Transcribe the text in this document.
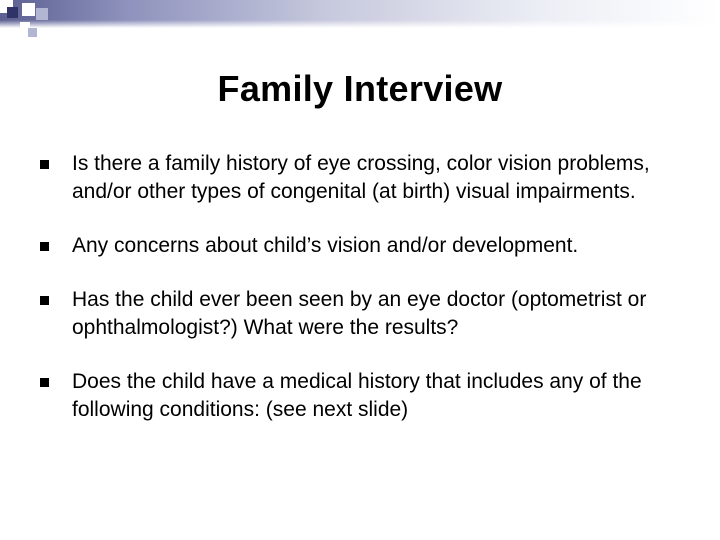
Family Interview
Is there a family history of eye crossing, color vision problems, and/or other types of congenital (at birth) visual impairments.
Any concerns about child’s vision and/or development.
Has the child ever been seen by an eye doctor (optometrist or ophthalmologist?) What were the results?
Does the child have a medical history that includes any of the following conditions: (see next slide)
